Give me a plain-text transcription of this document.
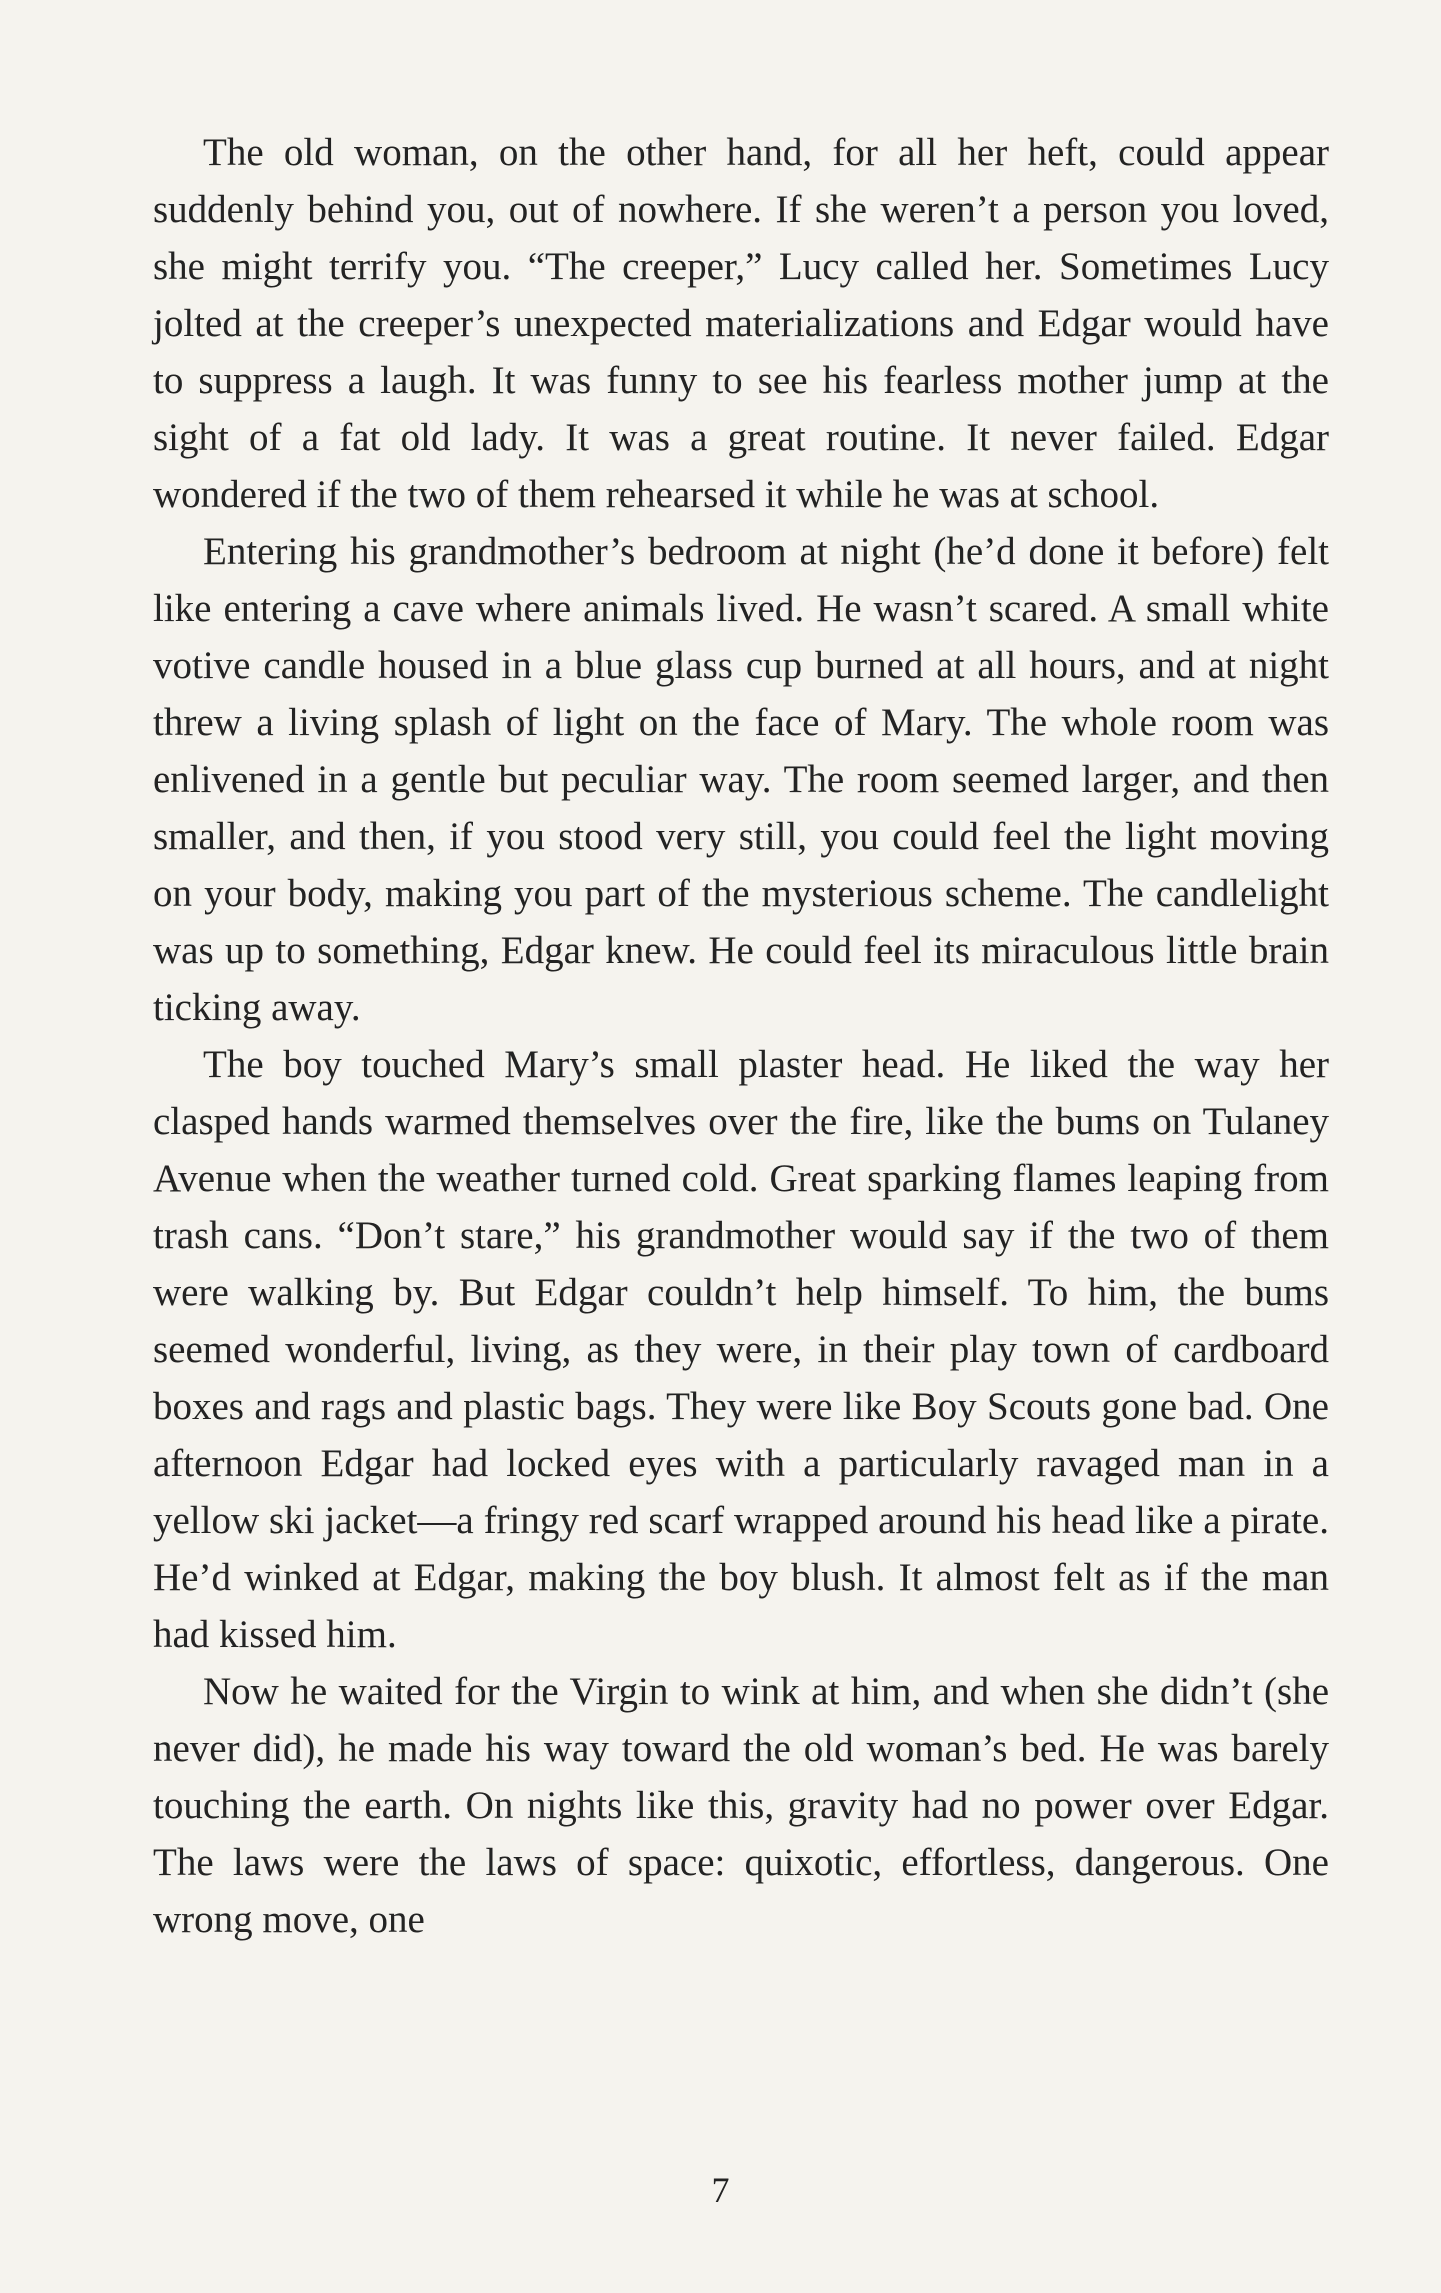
The old woman, on the other hand, for all her heft, could appear suddenly behind you, out of nowhere. If she weren’t a person you loved, she might terrify you. “The creeper,” Lucy called her. Sometimes Lucy jolted at the creeper’s unexpected materializations and Edgar would have to suppress a laugh. It was funny to see his fearless mother jump at the sight of a fat old lady. It was a great routine. It never failed. Edgar wondered if the two of them rehearsed it while he was at school.

Entering his grandmother’s bedroom at night (he’d done it before) felt like entering a cave where animals lived. He wasn’t scared. A small white votive candle housed in a blue glass cup burned at all hours, and at night threw a living splash of light on the face of Mary. The whole room was enlivened in a gentle but peculiar way. The room seemed larger, and then smaller, and then, if you stood very still, you could feel the light moving on your body, making you part of the mysterious scheme. The candlelight was up to something, Edgar knew. He could feel its miraculous little brain ticking away.

The boy touched Mary’s small plaster head. He liked the way her clasped hands warmed themselves over the fire, like the bums on Tulaney Avenue when the weather turned cold. Great sparking flames leaping from trash cans. “Don’t stare,” his grandmother would say if the two of them were walking by. But Edgar couldn’t help himself. To him, the bums seemed wonderful, living, as they were, in their play town of cardboard boxes and rags and plastic bags. They were like Boy Scouts gone bad. One afternoon Edgar had locked eyes with a particularly ravaged man in a yellow ski jacket—a fringy red scarf wrapped around his head like a pirate. He’d winked at Edgar, making the boy blush. It almost felt as if the man had kissed him.

Now he waited for the Virgin to wink at him, and when she didn’t (she never did), he made his way toward the old woman’s bed. He was barely touching the earth. On nights like this, gravity had no power over Edgar. The laws were the laws of space: quixotic, effortless, dangerous. One wrong move, one

7
